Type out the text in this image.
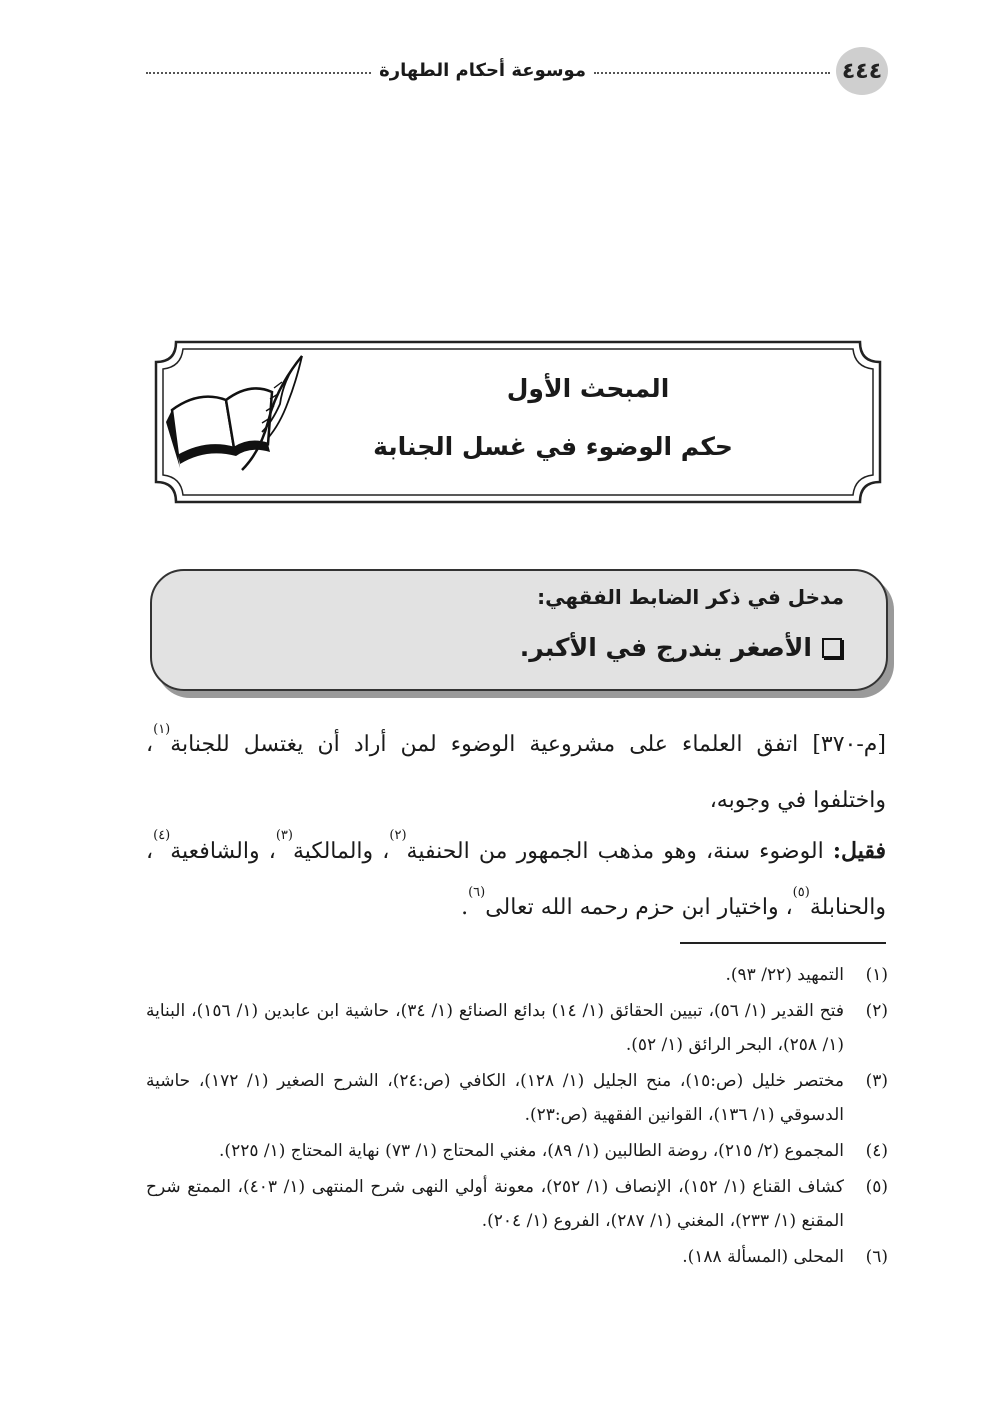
٤٤٤
موسوعة أحكام الطهارة
المبحث الأول
حكم الوضوء في غسل الجنابة
مدخل في ذكر الضابط الفقهي:
الأصغر يندرج في الأكبر.
[م-٣٧٠] اتفق العلماء على مشروعية الوضوء لمن أراد أن يغتسل للجنابة$^{(١)}$، واختلفوا في وجوبه،
فقيل: الوضوء سنة، وهو مذهب الجمهور من الحنفية$^{(٢)}$، والمالكية$^{(٣)}$، والشافعية$^{(٤)}$، والحنابلة$^{(٥)}$، واختيار ابن حزم رحمه الله تعالى$^{(٦)}$.
(١)
التمهيد (٢٢/ ٩٣).
(٢)
فتح القدير (١/ ٥٦)، تبيين الحقائق (١/ ١٤) بدائع الصنائع (١/ ٣٤)، حاشية ابن عابدين (١/ ١٥٦)، البناية (١/ ٢٥٨)، البحر الرائق (١/ ٥٢).
(٣)
مختصر خليل (ص:١٥)، منح الجليل (١/ ١٢٨)، الكافي (ص:٢٤)، الشرح الصغير (١/ ١٧٢)، حاشية الدسوقي (١/ ١٣٦)، القوانين الفقهية (ص:٢٣).
(٤)
المجموع (٢/ ٢١٥)، روضة الطالبين (١/ ٨٩)، مغني المحتاج (١/ ٧٣) نهاية المحتاج (١/ ٢٢٥).
(٥)
كشاف القناع (١/ ١٥٢)، الإنصاف (١/ ٢٥٢)، معونة أولي النهى شرح المنتهى (١/ ٤٠٣)، الممتع شرح المقنع (١/ ٢٣٣)، المغني (١/ ٢٨٧)، الفروع (١/ ٢٠٤).
(٦)
المحلى (المسألة ١٨٨).
